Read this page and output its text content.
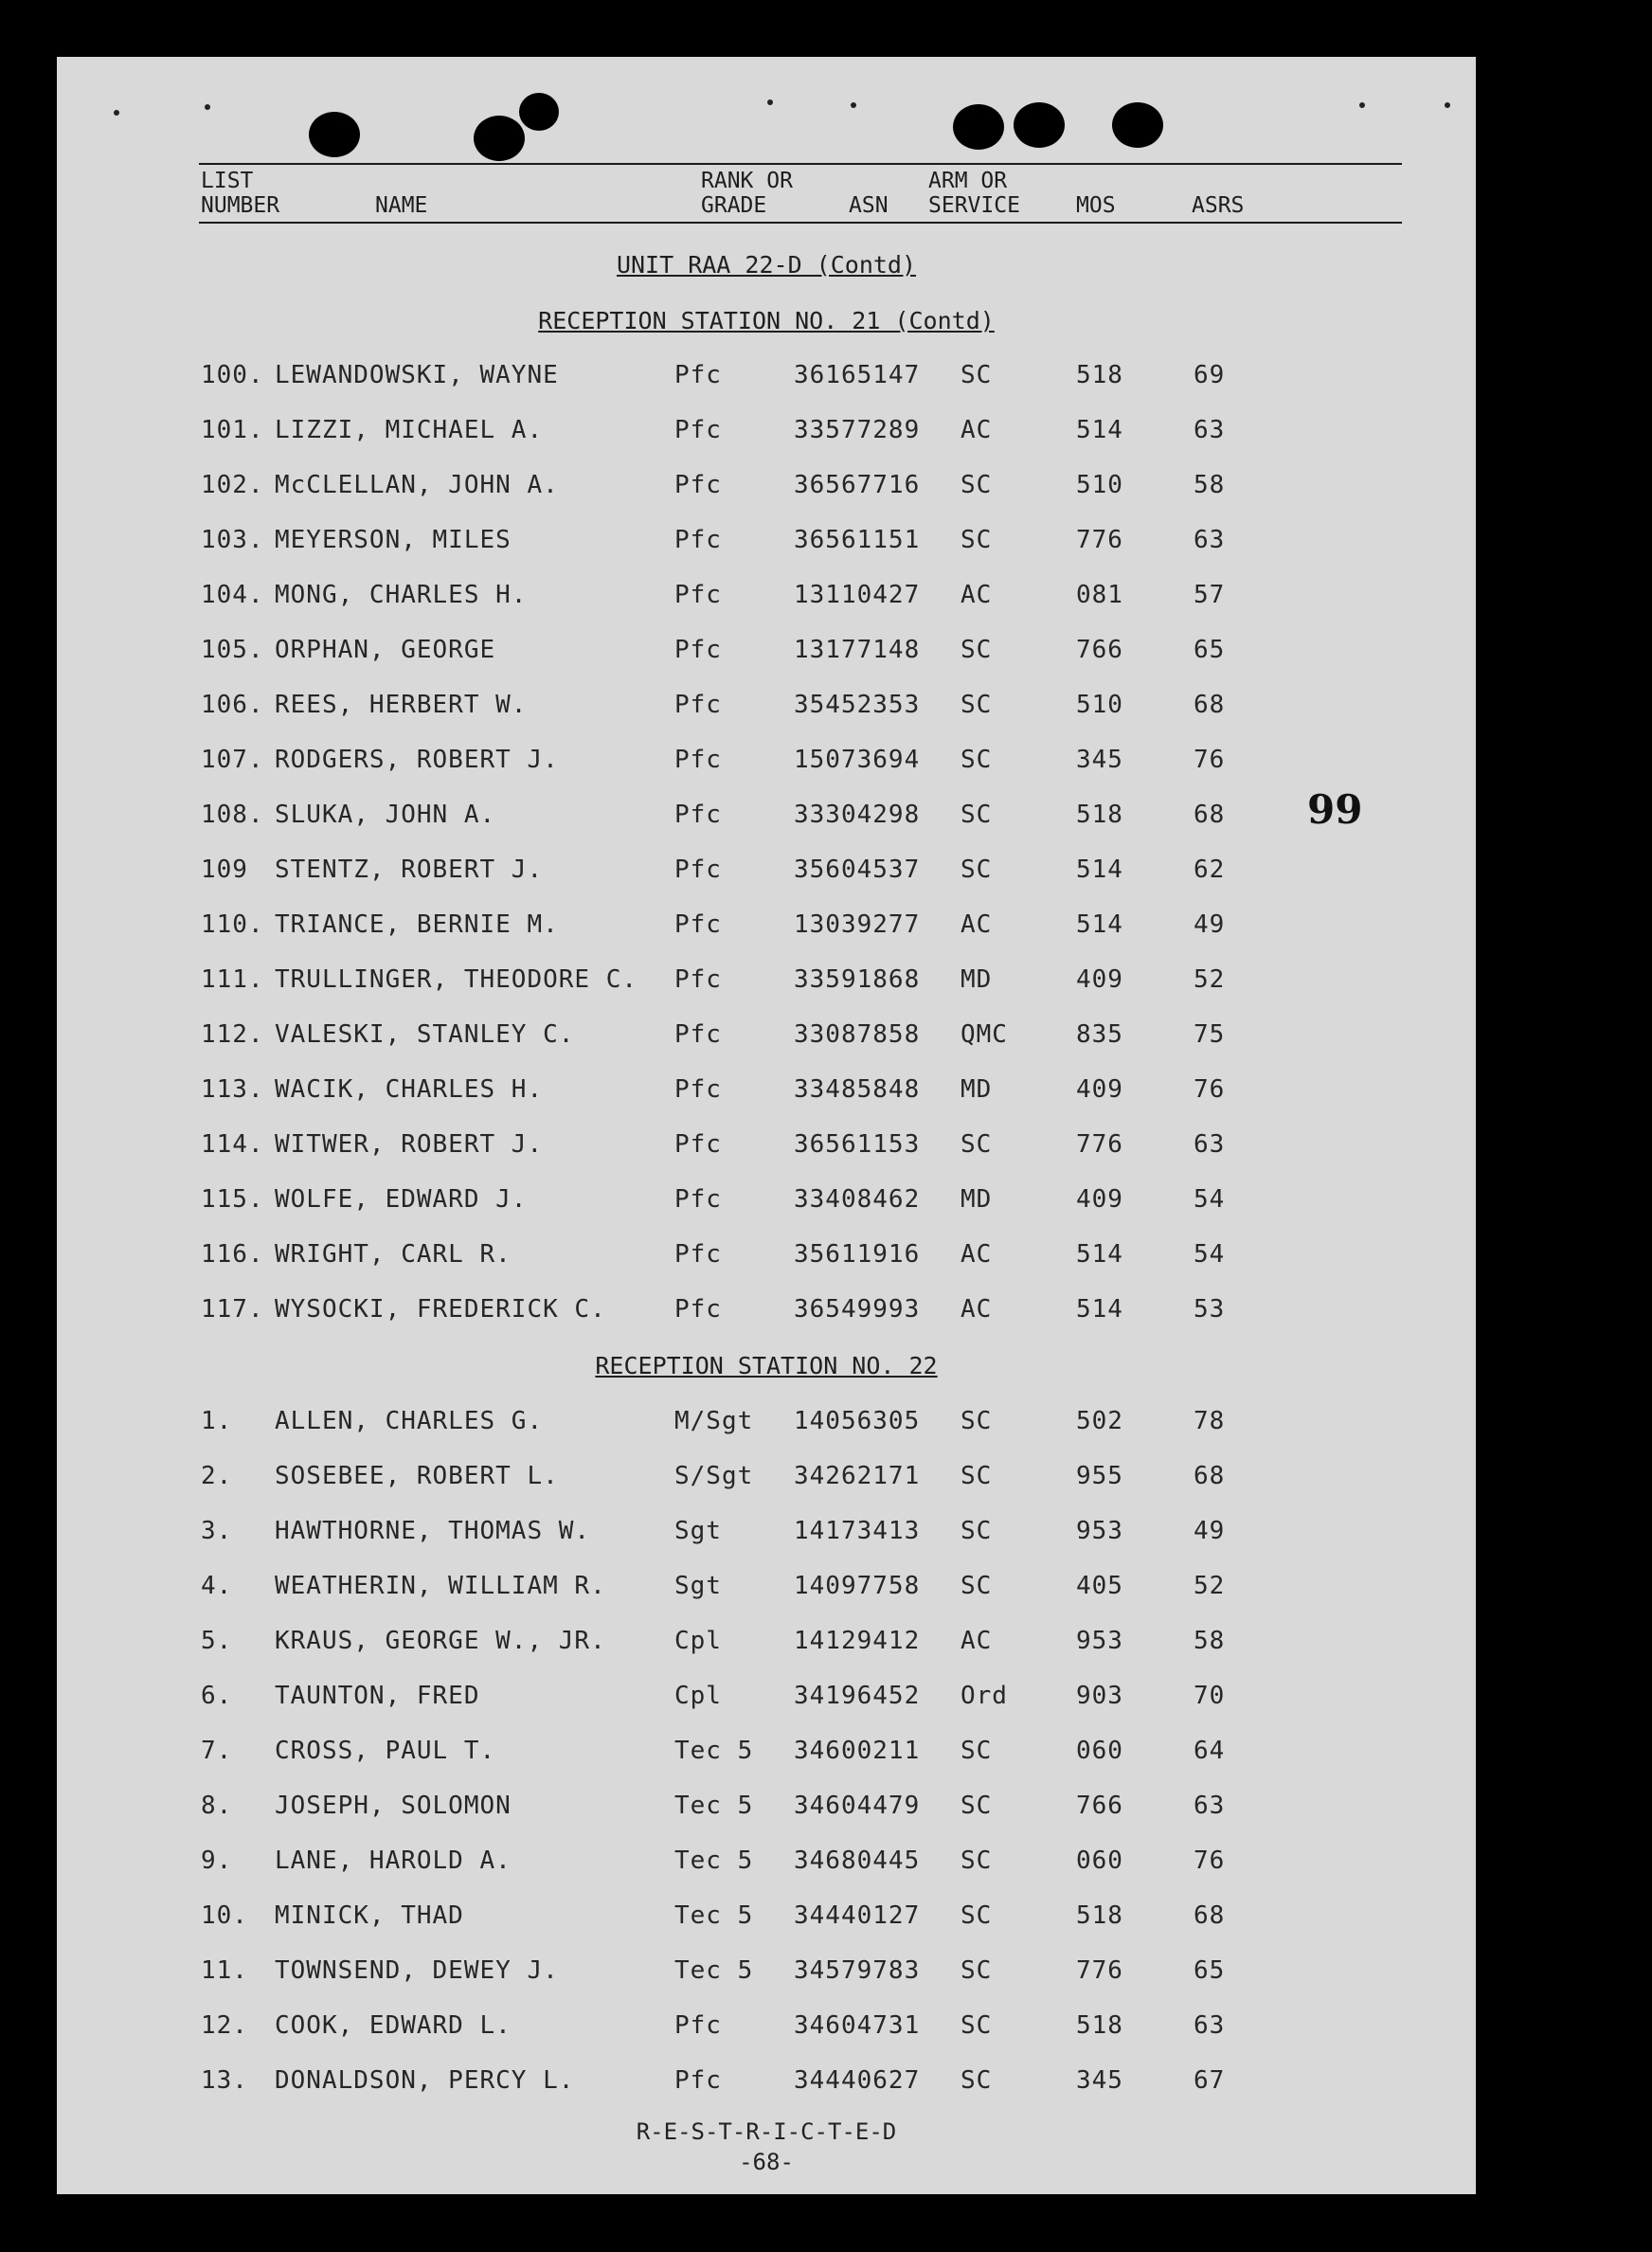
LIST
NUMBER	NAME
RANK OR
GRADE	ASN
ARM OR
SERVICE	MOS	ASRS
UNIT RAA 22-D (Contd)
RECEPTION STATION NO. 21 (Contd)
100. LEWANDOWSKI, WAYNE	Pfc	36165147 SC	518	69
101. LIZZI, MICHAEL A.	Pfc	33577289 AC	514	63
102. McCLELLAN, JOHN A.	Pfc	36567716 SC	510	58
103. MEYERSON, MILES	Pfc	36561151 SC	776	63
104. MONG, CHARLES H.	Pfc	13110427 AC	081	57
105. ORPHAN, GEORGE	Pfc	13177148 SC	766	65
106. REES, HERBERT W.	Pfc	35452353 SC	510	68
107. RODGERS, ROBERT J.	Pfc	15073694 SC	345	76
108. SLUKA, JOHN A.	Pfc	33304298 SC	518	68
109 STENTZ, ROBERT J.	Pfc	35604537 SC	514	62
110. TRIANCE, BERNIE M.	Pfc	13039277 AC	514	49
111. TRULLINGER, THEODORE C. Pfc	33591868 MD	409	52
112. VALESKI, STANLEY C.	Pfc	33087858 QMC	835	75
113. WACIK, CHARLES H.	Pfc	33485848 MD	409	76
114. WITWER, ROBERT J.	Pfc	36561153 SC	776	63
115. WOLFE, EDWARD J.	Pfc	33408462 MD	409	54
116. WRIGHT, CARL R.	Pfc	35611916 AC	514	54
117. WYSOCKI, FREDERICK C.	Pfc	36549993 AC	514	53
99
RECEPTION STATION NO. 22
1. ALLEN, CHARLES G.	M/Sgt 14056305 SC	502	78
2. SOSEBEE, ROBERT L.	S/Sgt 34262171 SC	955	68
3. HAWTHORNE, THOMAS W.	Sgt	14173413 SC	953	49
4. WEATHERIN, WILLIAM R.	Sgt	14097758 SC	405	52
5. KRAUS, GEORGE W., JR.	Cpl	14129412 AC	953	58
6. TAUNTON, FRED	Cpl	34196452 Ord	903	70
7. CROSS, PAUL T.	Tec 5 34600211 SC	060	64
8. JOSEPH, SOLOMON	Tec 5 34604479 SC	766	63
9. LANE, HAROLD A.	Tec 5 34680445 SC	060	76
10. MINICK, THAD	Tec 5 34440127 SC	518	68
11. TOWNSEND, DEWEY J.	Tec 5 34579783 SC	776	65
12. COOK, EDWARD L.	Pfc	34604731 SC	518	63
13. DONALDSON, PERCY L.	Pfc	34440627 SC	345	67
R-E-S-T-R-I-C-T-E-D
-68-
